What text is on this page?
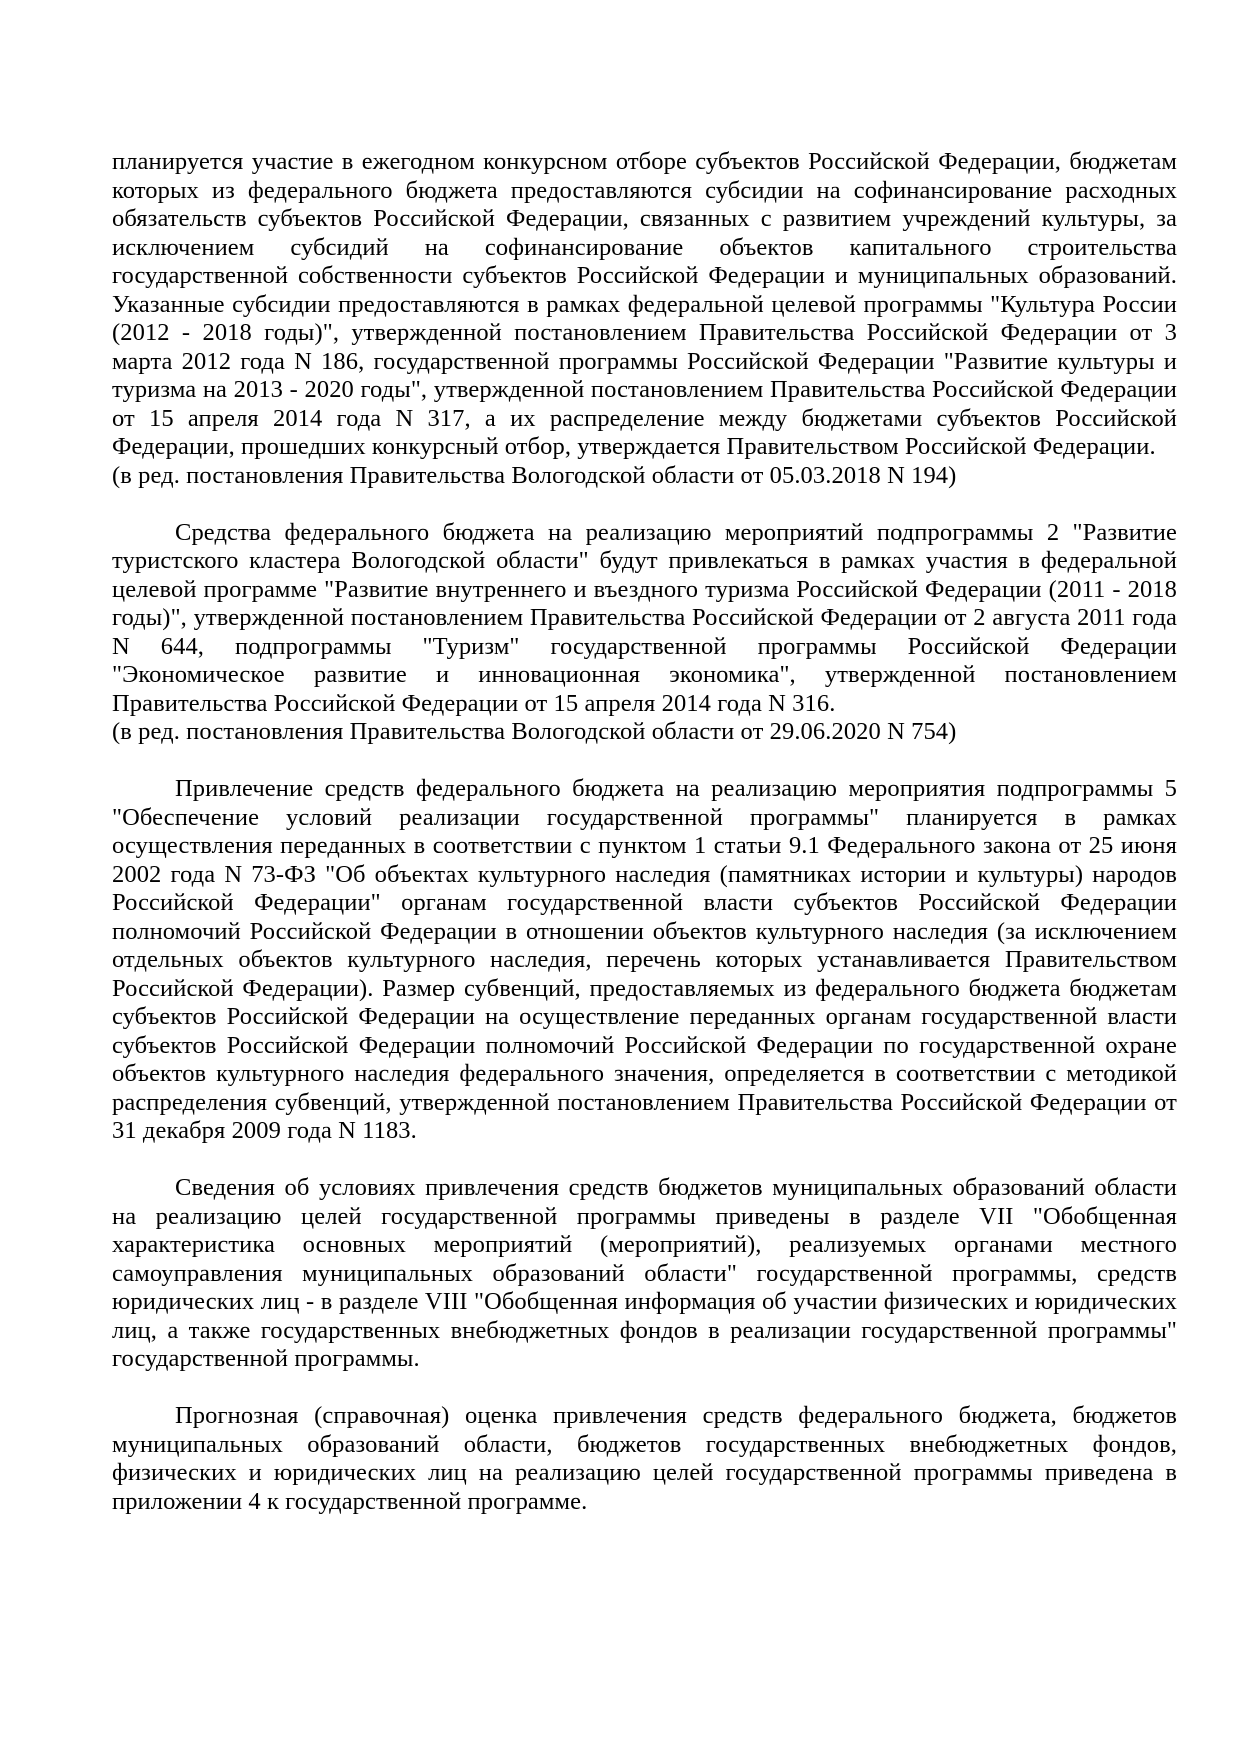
планируется участие в ежегодном конкурсном отборе субъектов Российской Федерации, бюджетам которых из федерального бюджета предоставляются субсидии на софинансирование расходных обязательств субъектов Российской Федерации, связанных с развитием учреждений культуры, за исключением субсидий на софинансирование объектов капитального строительства государственной собственности субъектов Российской Федерации и муниципальных образований. Указанные субсидии предоставляются в рамках федеральной целевой программы "Культура России (2012 - 2018 годы)", утвержденной постановлением Правительства Российской Федерации от 3 марта 2012 года N 186, государственной программы Российской Федерации "Развитие культуры и туризма на 2013 - 2020 годы", утвержденной постановлением Правительства Российской Федерации от 15 апреля 2014 года N 317, а их распределение между бюджетами субъектов Российской Федерации, прошедших конкурсный отбор, утверждается Правительством Российской Федерации.

(в ред. постановления Правительства Вологодской области от 05.03.2018 N 194)

Средства федерального бюджета на реализацию мероприятий подпрограммы 2 "Развитие туристского кластера Вологодской области" будут привлекаться в рамках участия в федеральной целевой программе "Развитие внутреннего и въездного туризма Российской Федерации (2011 - 2018 годы)", утвержденной постановлением Правительства Российской Федерации от 2 августа 2011 года N 644, подпрограммы "Туризм" государственной программы Российской Федерации "Экономическое развитие и инновационная экономика", утвержденной постановлением Правительства Российской Федерации от 15 апреля 2014 года N 316.

(в ред. постановления Правительства Вологодской области от 29.06.2020 N 754)

Привлечение средств федерального бюджета на реализацию мероприятия подпрограммы 5 "Обеспечение условий реализации государственной программы" планируется в рамках осуществления переданных в соответствии с пунктом 1 статьи 9.1 Федерального закона от 25 июня 2002 года N 73-ФЗ "Об объектах культурного наследия (памятниках истории и культуры) народов Российской Федерации" органам государственной власти субъектов Российской Федерации полномочий Российской Федерации в отношении объектов культурного наследия (за исключением отдельных объектов культурного наследия, перечень которых устанавливается Правительством Российской Федерации). Размер субвенций, предоставляемых из федерального бюджета бюджетам субъектов Российской Федерации на осуществление переданных органам государственной власти субъектов Российской Федерации полномочий Российской Федерации по государственной охране объектов культурного наследия федерального значения, определяется в соответствии с методикой распределения субвенций, утвержденной постановлением Правительства Российской Федерации от 31 декабря 2009 года N 1183.

Сведения об условиях привлечения средств бюджетов муниципальных образований области на реализацию целей государственной программы приведены в разделе VII "Обобщенная характеристика основных мероприятий (мероприятий), реализуемых органами местного самоуправления муниципальных образований области" государственной программы, средств юридических лиц - в разделе VIII "Обобщенная информация об участии физических и юридических лиц, а также государственных внебюджетных фондов в реализации государственной программы" государственной программы.

Прогнозная (справочная) оценка привлечения средств федерального бюджета, бюджетов муниципальных образований области, бюджетов государственных внебюджетных фондов, физических и юридических лиц на реализацию целей государственной программы приведена в приложении 4 к государственной программе.
